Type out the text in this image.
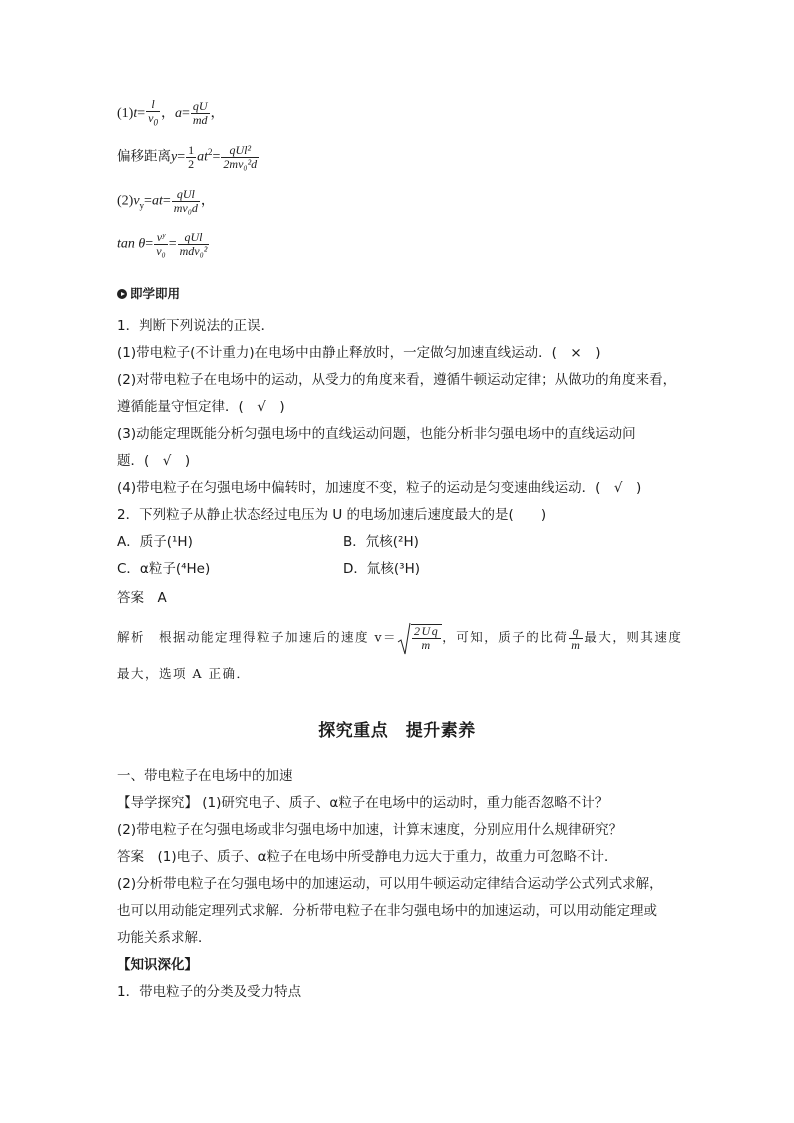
$(1)t= \frac{l}{v_0}$ ，$a= \frac{qU}{md}$ ，
偏移距离$y= \frac{1}{2} at^2= \frac{\text{qUl²}}{\text{2mv₀²d}}$
$(2)v_y=at= \frac{\text{qUl}}{\text{mv₀d}}$ ，
$\tan \theta= \frac{\text{vʸ}}{\text{v₀}} = \frac{\text{qUl}}{\text{mdv₀²}}$
即学即用
1．判断下列说法的正误．
(1)带电粒子(不计重力)在电场中由静止释放时，一定做匀加速直线运动．(　×　)
(2)对带电粒子在电场中的运动，从受力的角度来看，遵循牛顿运动定律；从做功的角度来看，
遵循能量守恒定律．(　√　)
(3)动能定理既能分析匀强电场中的直线运动问题，也能分析非匀强电场中的直线运动问
题．(　√　)
(4)带电粒子在匀强电场中偏转时，加速度不变，粒子的运动是匀变速曲线运动．(　√　)
2．下列粒子从静止状态经过电压为 U 的电场加速后速度最大的是(　　)
A．质子(¹H)	B．氘核(²H)
C．α粒子(⁴He)	D．氚核(³H)
答案　A
解析　根据动能定理得粒子加速后的速度 $v= \frac{2Uq}{m}$ ，可知，质子的比荷 $\frac{q}{m}$ 最大，则其速度
最大，选项 A 正确．
探究重点　提升素养
一、带电粒子在电场中的加速
【导学探究】 (1)研究电子、质子、α粒子在电场中的运动时，重力能否忽略不计？
(2)带电粒子在匀强电场或非匀强电场中加速，计算末速度，分别应用什么规律研究？
答案　(1)电子、质子、α粒子在电场中所受静电力远大于重力，故重力可忽略不计．
(2)分析带电粒子在匀强电场中的加速运动，可以用牛顿运动定律结合运动学公式列式求解，
也可以用动能定理列式求解．分析带电粒子在非匀强电场中的加速运动，可以用动能定理或
功能关系求解．
【知识深化】
1．带电粒子的分类及受力特点
